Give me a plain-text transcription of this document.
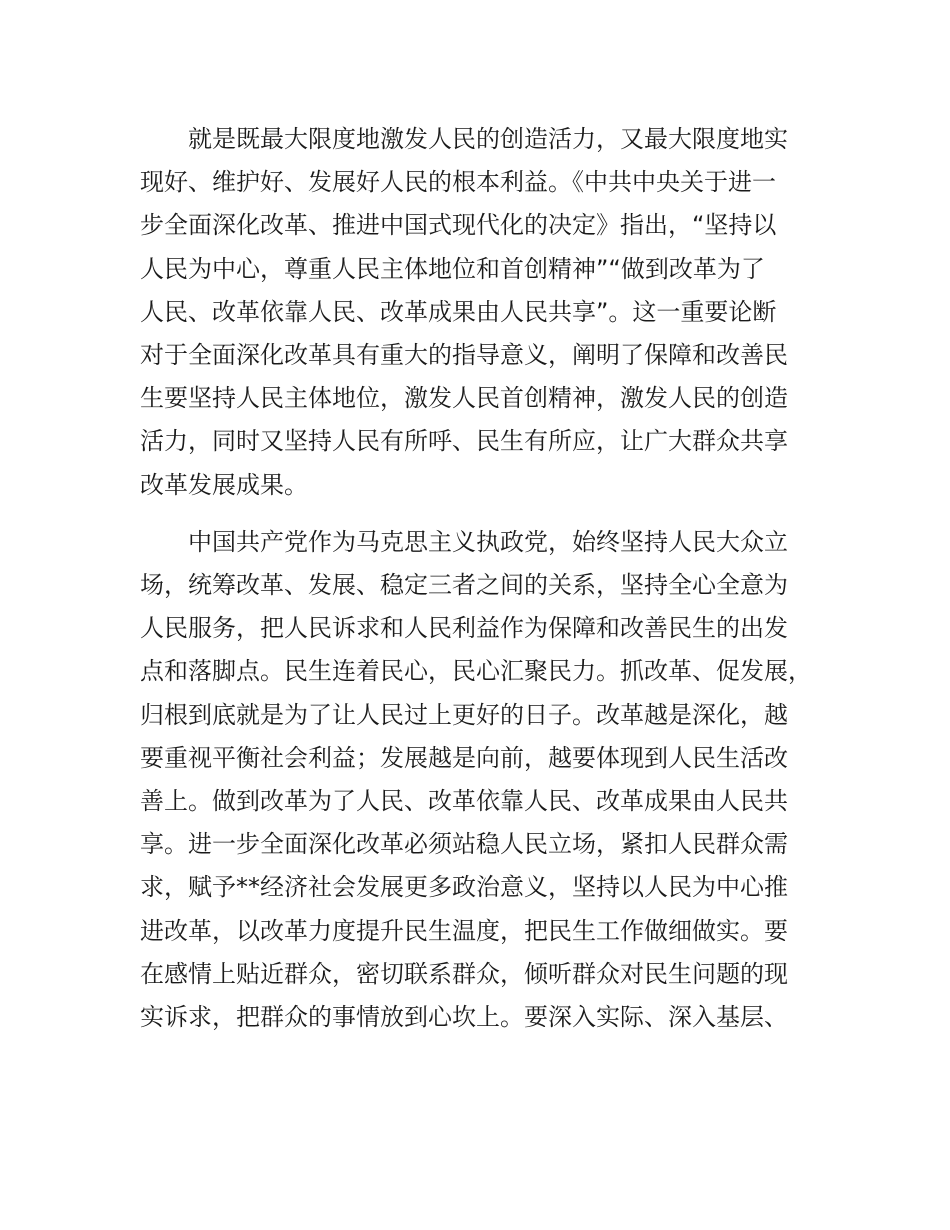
就是既最大限度地激发人民的创造活力，又最大限度地实
现好、维护好、发展好人民的根本利益。《中共中央关于进一
步全面深化改革、推进中国式现代化的决定》指出，“坚持以
人民为中心，尊重人民主体地位和首创精神”“做到改革为了
人民、改革依靠人民、改革成果由人民共享”。这一重要论断
对于全面深化改革具有重大的指导意义，阐明了保障和改善民
生要坚持人民主体地位，激发人民首创精神，激发人民的创造
活力，同时又坚持人民有所呼、民生有所应，让广大群众共享
改革发展成果。

中国共产党作为马克思主义执政党，始终坚持人民大众立
场，统筹改革、发展、稳定三者之间的关系，坚持全心全意为
人民服务，把人民诉求和人民利益作为保障和改善民生的出发
点和落脚点。民生连着民心，民心汇聚民力。抓改革、促发展，
归根到底就是为了让人民过上更好的日子。改革越是深化，越
要重视平衡社会利益；发展越是向前，越要体现到人民生活改
善上。做到改革为了人民、改革依靠人民、改革成果由人民共
享。进一步全面深化改革必须站稳人民立场，紧扣人民群众需
求，赋予**经济社会发展更多政治意义，坚持以人民为中心推
进改革，以改革力度提升民生温度，把民生工作做细做实。要
在感情上贴近群众，密切联系群众，倾听群众对民生问题的现
实诉求，把群众的事情放到心坎上。要深入实际、深入基层、
